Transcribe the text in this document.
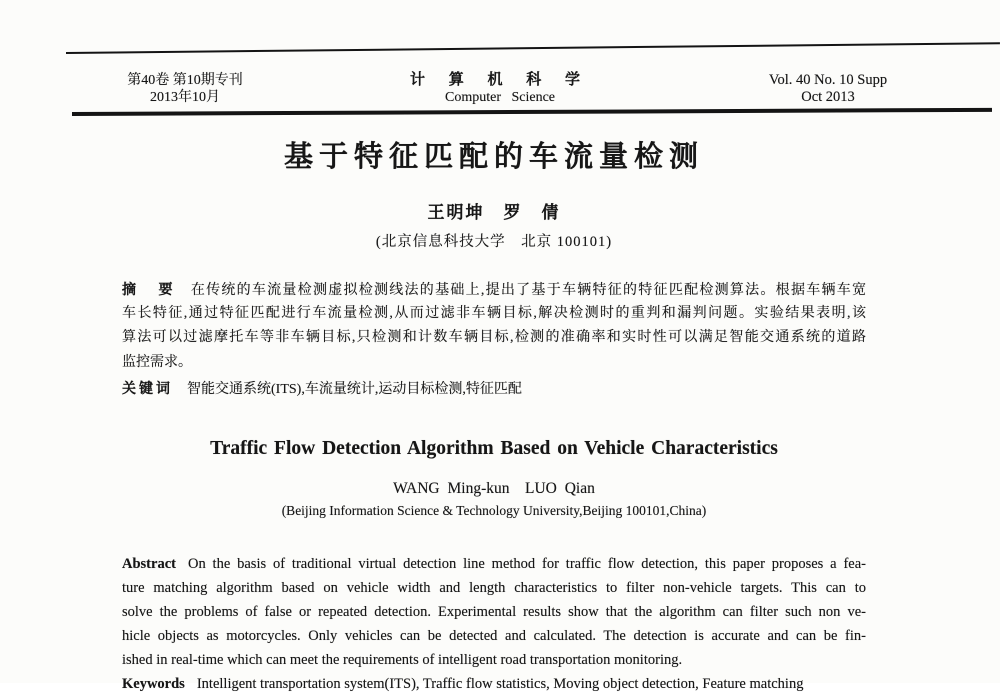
第40卷 第10期专刊
2013年10月
计 算 机 科 学
Computer Science
Vol. 40 No. 10 Supp
Oct 2013
基于特征匹配的车流量检测
王明坤　罗　倩
(北京信息科技大学　北京 100101)
摘　要 在传统的车流量检测虚拟检测线法的基础上,提出了基于车辆特征的特征匹配检测算法。根据车辆车宽
车长特征,通过特征匹配进行车流量检测,从而过滤非车辆目标,解决检测时的重判和漏判问题。实验结果表明,该
算法可以过滤摩托车等非车辆目标,只检测和计数车辆目标,检测的准确率和实时性可以满足智能交通系统的道路
监控需求。
关键词 智能交通系统(ITS),车流量统计,运动目标检测,特征匹配
Traffic Flow Detection Algorithm Based on Vehicle Characteristics
WANG Ming-kun　LUO Qian
(Beijing Information Science & Technology University,Beijing 100101,China)
Abstract On the basis of traditional virtual detection line method for traffic flow detection, this paper proposes a fea-
ture matching algorithm based on vehicle width and length characteristics to filter non-vehicle targets. This can to
solve the problems of false or repeated detection. Experimental results show that the algorithm can filter such non ve-
hicle objects as motorcycles. Only vehicles can be detected and calculated. The detection is accurate and can be fin-
ished in real-time which can meet the requirements of intelligent road transportation monitoring.
Keywords Intelligent transportation system(ITS), Traffic flow statistics, Moving object detection, Feature matching
